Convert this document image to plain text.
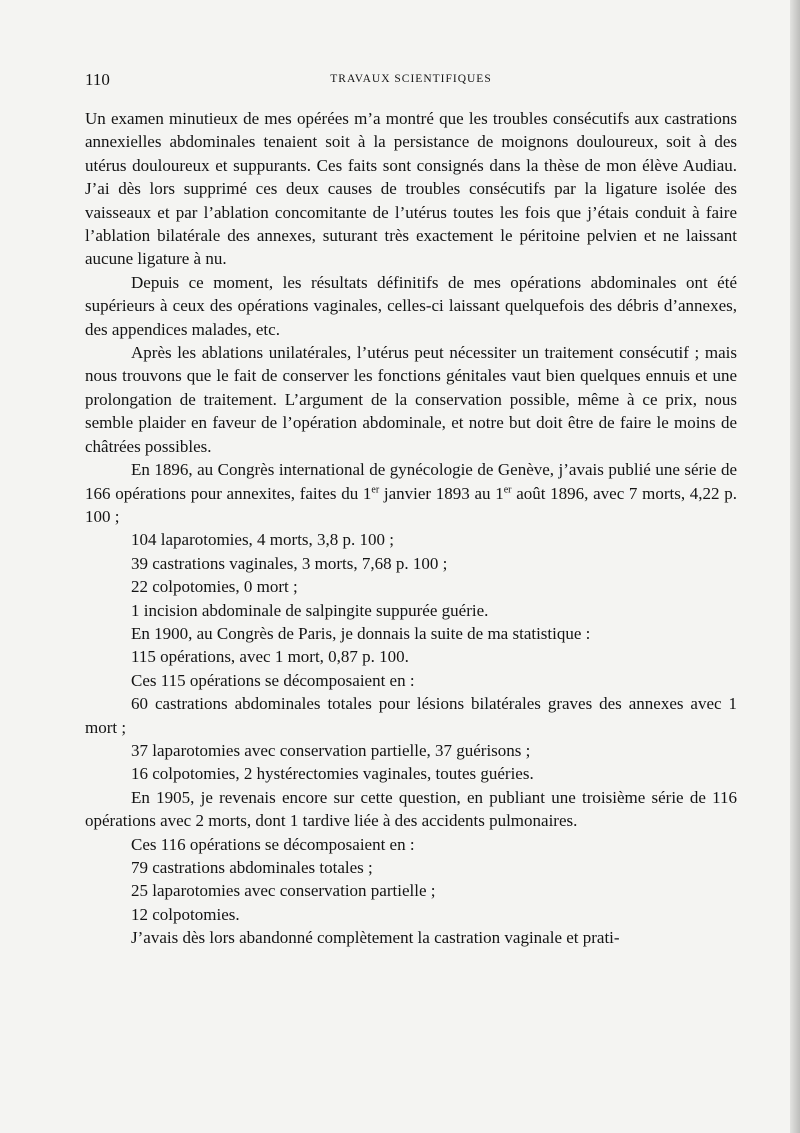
110	TRAVAUX SCIENTIFIQUES

Un examen minutieux de mes opérées m’a montré que les troubles consécutifs aux castrations annexielles abdominales tenaient soit à la persistance de moignons douloureux, soit à des utérus douloureux et suppurants. Ces faits sont consignés dans la thèse de mon élève Audiau. J’ai dès lors supprimé ces deux causes de troubles consécutifs par la ligature isolée des vaisseaux et par l’ablation concomitante de l’utérus toutes les fois que j’étais conduit à faire l’ablation bilatérale des annexes, suturant très exactement le péritoine pelvien et ne laissant aucune ligature à nu.

Depuis ce moment, les résultats définitifs de mes opérations abdominales ont été supérieurs à ceux des opérations vaginales, celles-ci laissant quelquefois des débris d’annexes, des appendices malades, etc.

Après les ablations unilatérales, l’utérus peut nécessiter un traitement consécutif ; mais nous trouvons que le fait de conserver les fonctions génitales vaut bien quelques ennuis et une prolongation de traitement. L’argument de la conservation possible, même à ce prix, nous semble plaider en faveur de l’opération abdominale, et notre but doit être de faire le moins de châtrées possibles.

En 1896, au Congrès international de gynécologie de Genève, j’avais publié une série de 166 opérations pour annexites, faites du 1er janvier 1893 au 1er août 1896, avec 7 morts, 4,22 p. 100 ;

104 laparotomies, 4 morts, 3,8 p. 100 ;

39 castrations vaginales, 3 morts, 7,68 p. 100 ;

22 colpotomies, 0 mort ;

1 incision abdominale de salpingite suppurée guérie.

En 1900, au Congrès de Paris, je donnais la suite de ma statistique :

115 opérations, avec 1 mort, 0,87 p. 100.

Ces 115 opérations se décomposaient en :

60 castrations abdominales totales pour lésions bilatérales graves des annexes avec 1 mort ;

37 laparotomies avec conservation partielle, 37 guérisons ;

16 colpotomies, 2 hystérectomies vaginales, toutes guéries.

En 1905, je revenais encore sur cette question, en publiant une troisième série de 116 opérations avec 2 morts, dont 1 tardive liée à des accidents pulmonaires.

Ces 116 opérations se décomposaient en :

79 castrations abdominales totales ;

25 laparotomies avec conservation partielle ;

12 colpotomies.

J’avais dès lors abandonné complètement la castration vaginale et prati-
